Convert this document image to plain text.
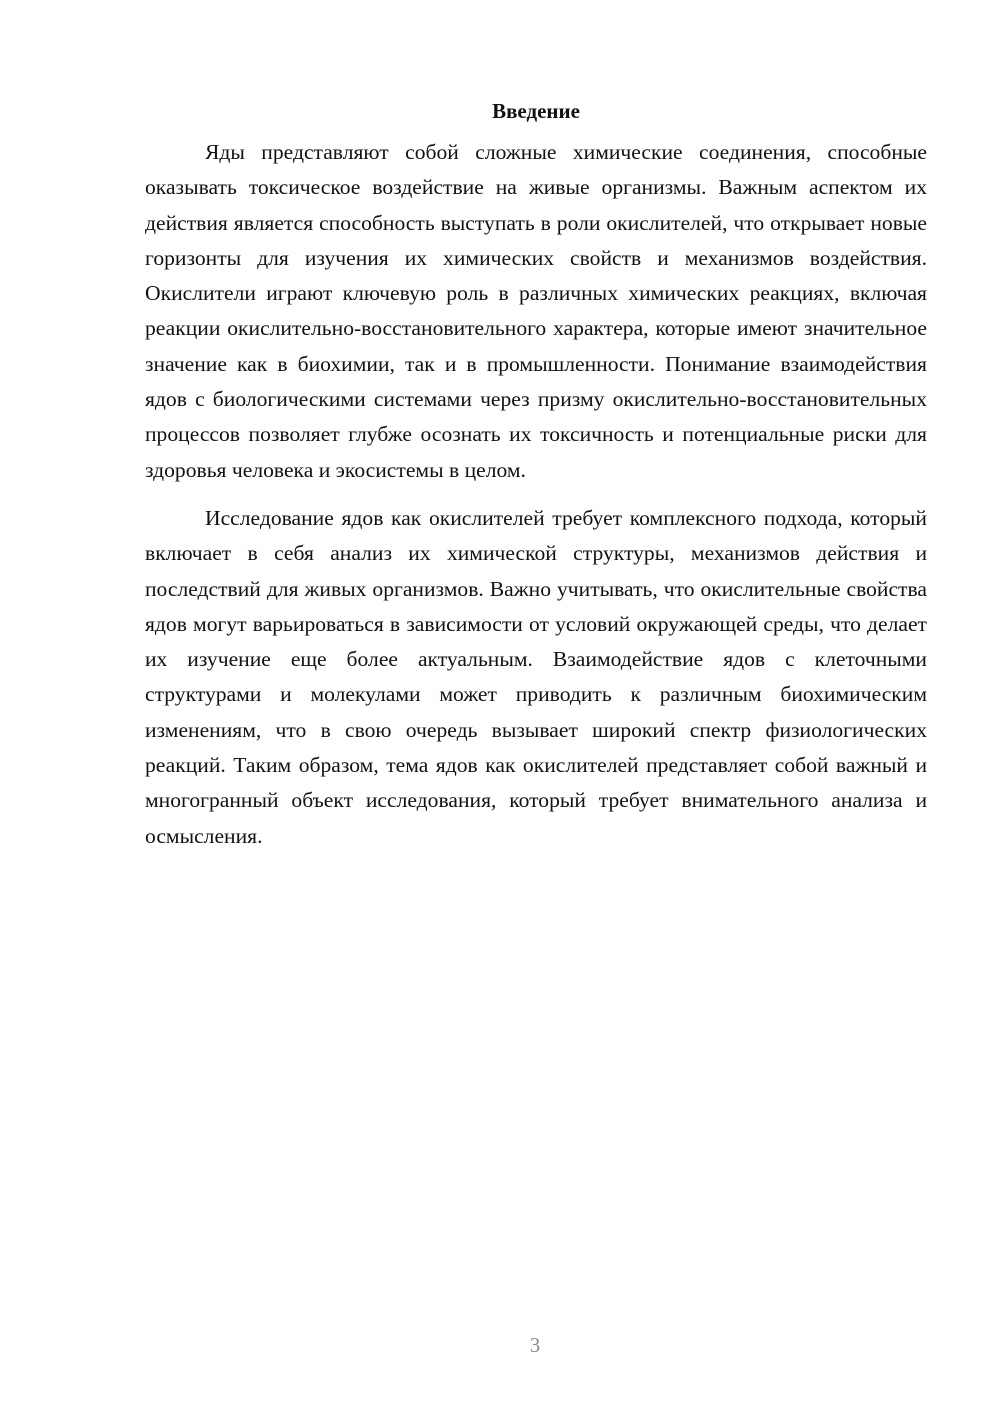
Введение

Яды представляют собой сложные химические соединения, способные оказывать токсическое воздействие на живые организмы. Важным аспектом их действия является способность выступать в роли окислителей, что открывает новые горизонты для изучения их химических свойств и механизмов воздействия. Окислители играют ключевую роль в различных химических реакциях, включая реакции окислительно-восстановительного характера, которые имеют значительное значение как в биохимии, так и в промышленности. Понимание взаимодействия ядов с биологическими системами через призму окислительно-восстановительных процессов позволяет глубже осознать их токсичность и потенциальные риски для здоровья человека и экосистемы в целом.

Исследование ядов как окислителей требует комплексного подхода, который включает в себя анализ их химической структуры, механизмов действия и последствий для живых организмов. Важно учитывать, что окислительные свойства ядов могут варьироваться в зависимости от условий окружающей среды, что делает их изучение еще более актуальным. Взаимодействие ядов с клеточными структурами и молекулами может приводить к различным биохимическим изменениям, что в свою очередь вызывает широкий спектр физиологических реакций. Таким образом, тема ядов как окислителей представляет собой важный и многогранный объект исследования, который требует внимательного анализа и осмысления.

3
